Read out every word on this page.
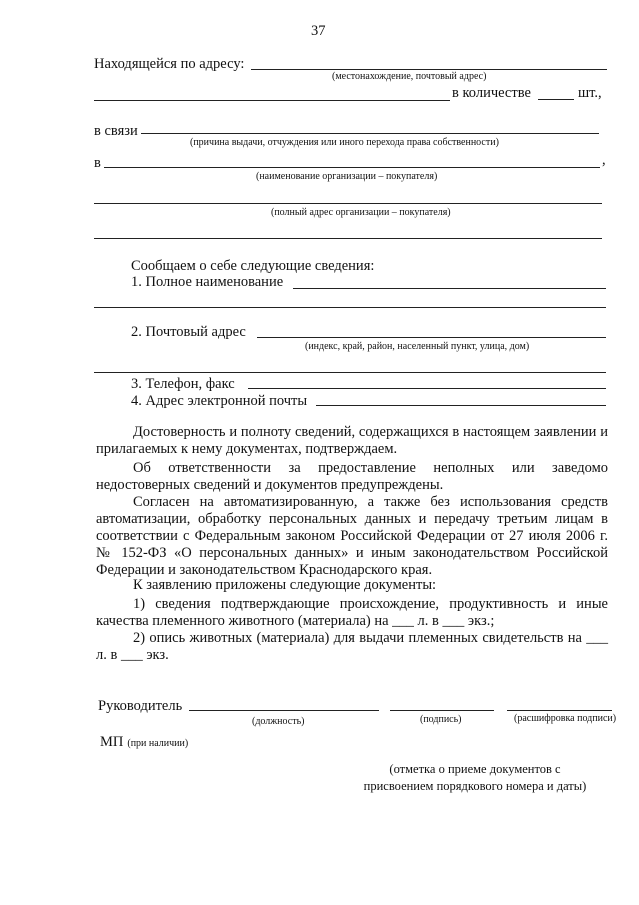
37
Находящейся по адресу:
(местонахождение, почтовый адрес)
в количестве	шт.,
в связи
(причина выдачи, отчуждения или иного перехода права собственности)
в	,
(наименование организации – покупателя)
(полный адрес организации – покупателя)
Сообщаем о себе следующие сведения:
1. Полное наименование
2. Почтовый адрес
(индекс, край, район, населенный пункт, улица, дом)
3. Телефон, факс
4. Адрес электронной почты
Достоверность и полноту сведений, содержащихся в настоящем заявлении и прилагаемых к нему документах, подтверждаем.
Об ответственности за предоставление неполных или заведомо недостоверных сведений и документов предупреждены.
Согласен на автоматизированную, а также без использования средств автоматизации, обработку персональных данных и передачу третьим лицам в соответствии с Федеральным законом Российской Федерации от 27 июля 2006 г. № 152-ФЗ «О персональных данных» и иным законодательством Российской Федерации и законодательством Краснодарского края.
К заявлению приложены следующие документы:
1) сведения подтверждающие происхождение, продуктивность и иные качества племенного животного (материала) на ___ л. в ___ экз.;
2) опись животных (материала) для выдачи племенных свидетельств на ___ л. в ___ экз.
Руководитель
(должность)	(подпись)	(расшифровка подписи)
МП (при наличии)
(отметка о приеме документов с
присвоением порядкового номера и даты)
